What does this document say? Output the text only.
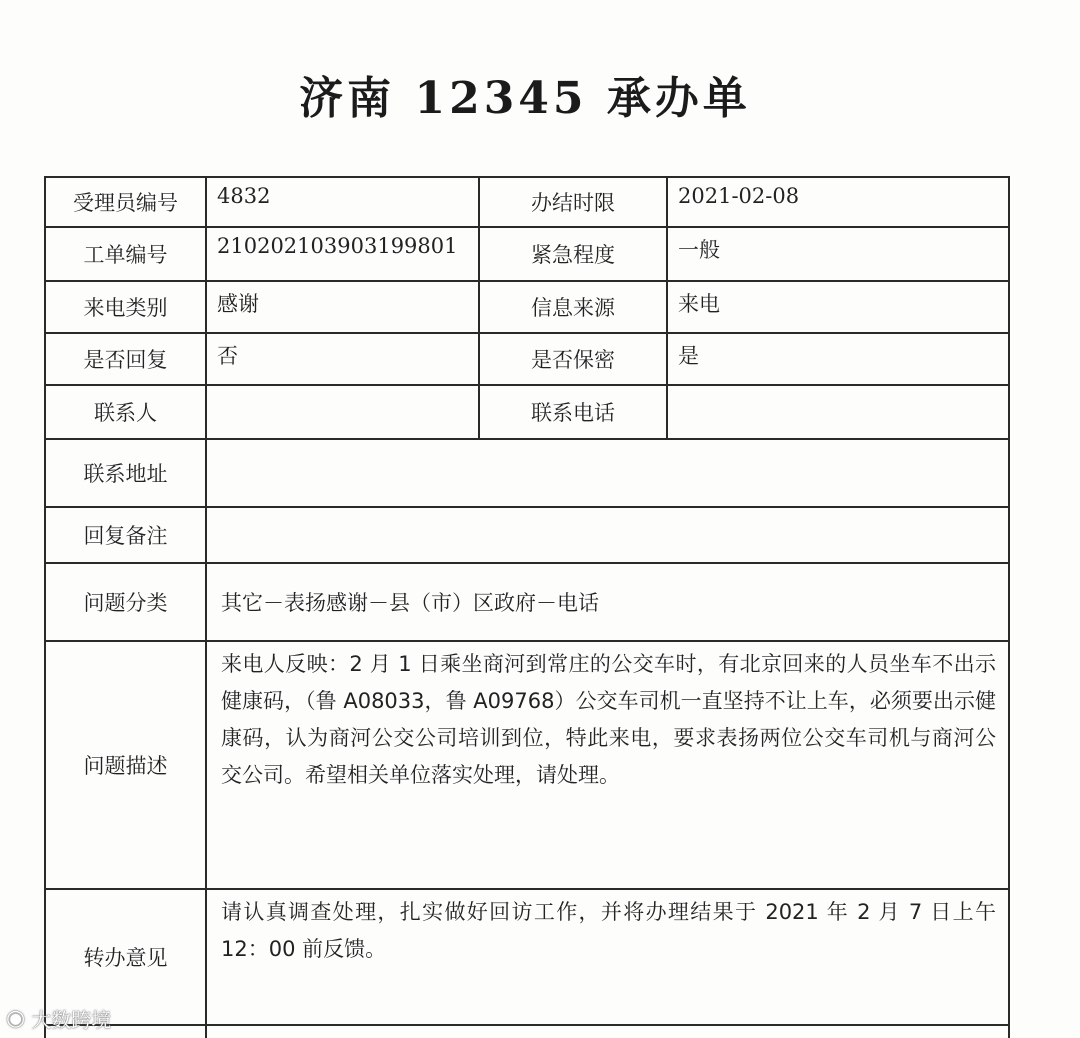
济南 12345 承办单
受理员编号	4832	办结时限	2021-02-08
工单编号	210202103903199801	紧急程度	一般
来电类别	感谢	信息来源	来电
是否回复	否	是否保密	是
联系人		联系电话	
联系地址			
回复备注			
问题分类	其它－表扬感谢－县（市）区政府－电话		
问题描述	来电人反映：2 月 1 日乘坐商河到常庄的公交车时，有北京回来的人员坐车不出示健康码，（鲁 A08033，鲁 A09768）公交车司机一直坚持不让上车，必须要出示健康码，认为商河公交公司培训到位，特此来电，要求表扬两位公交车司机与商河公交公司。希望相关单位落实处理，请处理。		
转办意见	请认真调查处理，扎实做好回访工作，并将办理结果于 2021 年 2 月 7 日上午 12：00 前反馈。		

◉ 大数跨境
